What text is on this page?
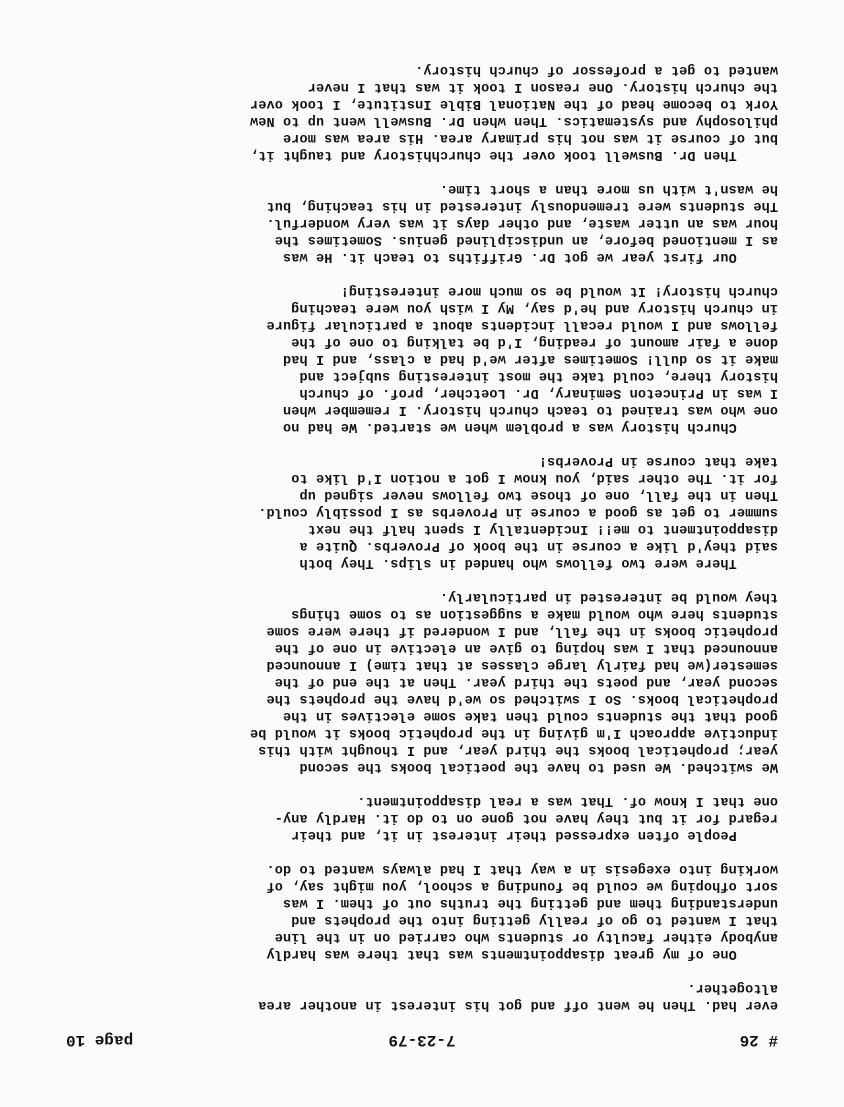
# 26
7-23-79
page 10
ever had. Then he went off and got his interest in another area
altogether.
One of my great disappointments was that there was hardly
anybody either faculty or students who carried on in the line
that I wanted to go of really getting into the prophets and
understanding them and getting the truths out of them. I was
sort ofhoping we could be founding a school, you might say, of
working into exegesis in a way that I had always wanted to do.
People often expressed their interest in it, and their
regard for it but they have not gone on to do it. Hardly any-
one that I know of. That was a real disappointment.
We switched. We used to have the poetical books the second
year; prophetical books the third year, and I thought with this
inductive approach I'm giving in the prophetic books it would be
good that the students could then take some electives in the
prophetical books. So I switched so we'd have the prophets the
second year, and poets the third year. Then at the end of the
semester(we had fairly large classes at that time) I announced
announced that I was hoping to give an elective in one of the
prophetic books in the fall, and I wondered if there were some
students here who would make a suggestion as to some things
they would be interested in particularly.
There were two fellows who handed in slips. They both
said they'd like a course in the book of Proverbs. Quite a
disappointment to me!! Incidentally I spent half the next
summer to get as good a course in Proverbs as I possibly could.
Then in the fall, one of those two fellows never signed up
for it. The other said, you know I got a notion I'd like to
take that course in Proverbs!
Church history was a problem when we started. We had no
one who was trained to teach church history. I remember when
I was in Princeton Seminary, Dr. Loetcher, prof. of church
history there, could take the most interesting subject and
make it so dull! Sometimes after we'd had a class, and I had
done a fair amount of reading, I'd be talking to one of the
fellows and I would recall incidents about a particular figure
in church history and he'd say, My I wish you were teaching
church history! It would be so much more interesting!
Our first year we got Dr. Griffiths to teach it. He was
as I mentioned before, an undisciplined genius. Sometimes the
hour was an utter waste, and other days it was very wonderful.
The students were tremendously interested in his teaching, but
he wasn't with us more than a short time.
Then Dr. Buswell took over the churchhistory and taught it,
but of course it was not his primary area. His area was more
philosophy and systematics. Then when Dr. Buswell went up to New
York to become head of the National Bible Institute, I took over
the church history. One reason I took it was that I never
wanted to get a professor of church history.
